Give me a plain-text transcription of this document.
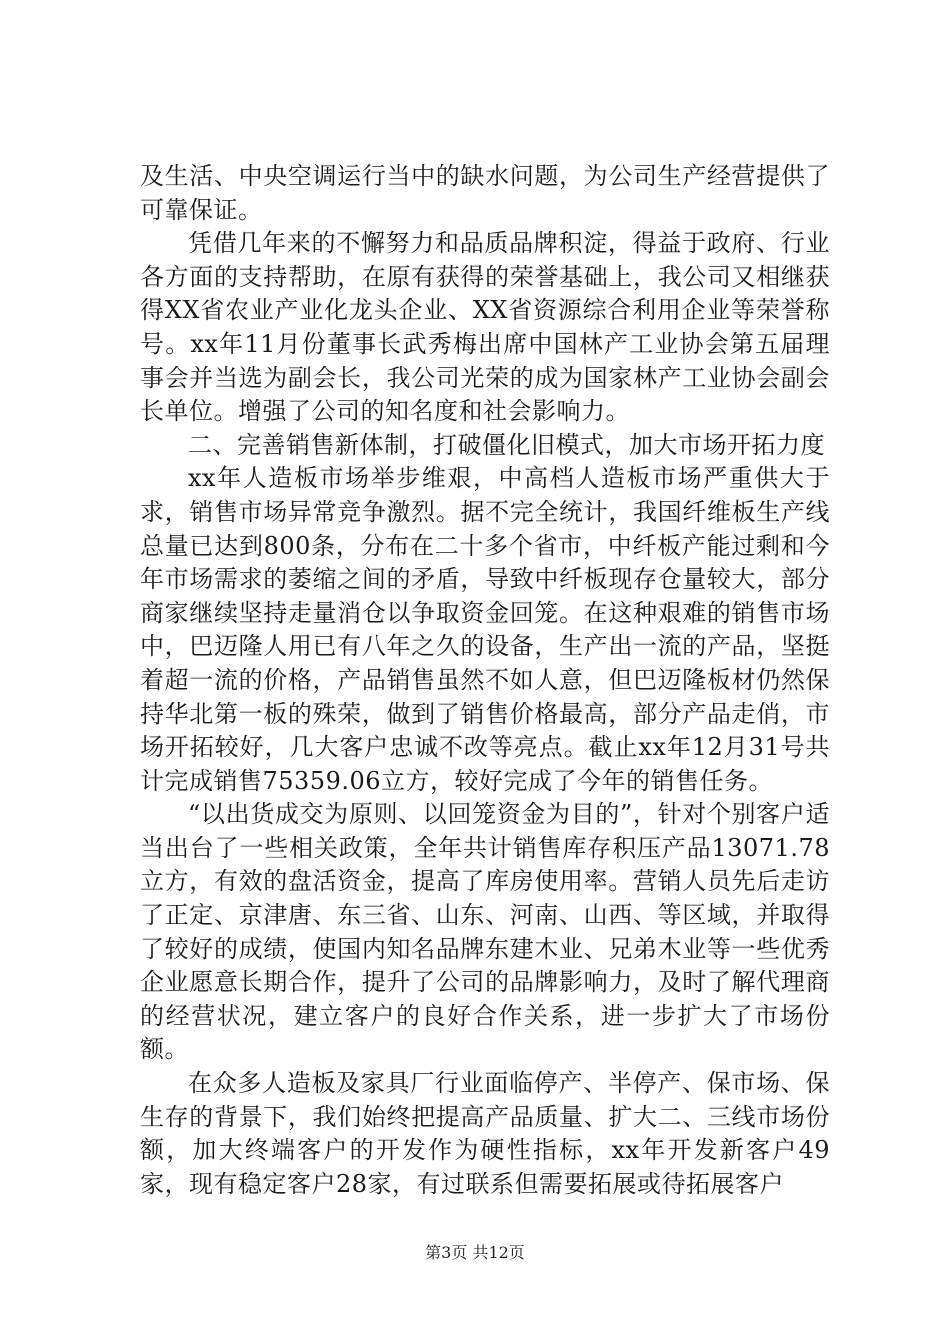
及生活、中央空调运行当中的缺水问题，为公司生产经营提供了可靠保证。

凭借几年来的不懈努力和品质品牌积淀，得益于政府、行业各方面的支持帮助，在原有获得的荣誉基础上，我公司又相继获得XX省农业产业化龙头企业、XX省资源综合利用企业等荣誉称号。xx年11月份董事长武秀梅出席中国林产工业协会第五届理事会并当选为副会长，我公司光荣的成为国家林产工业协会副会长单位。增强了公司的知名度和社会影响力。

二、完善销售新体制，打破僵化旧模式，加大市场开拓力度

xx年人造板市场举步维艰，中高档人造板市场严重供大于求，销售市场异常竞争激烈。据不完全统计，我国纤维板生产线总量已达到800条，分布在二十多个省市，中纤板产能过剩和今年市场需求的萎缩之间的矛盾，导致中纤板现存仓量较大，部分商家继续坚持走量消仓以争取资金回笼。在这种艰难的销售市场中，巴迈隆人用已有八年之久的设备，生产出一流的产品，坚挺着超一流的价格，产品销售虽然不如人意，但巴迈隆板材仍然保持华北第一板的殊荣，做到了销售价格最高，部分产品走俏，市场开拓较好，几大客户忠诚不改等亮点。截止xx年12月31号共计完成销售75359.06立方，较好完成了今年的销售任务。

“以出货成交为原则、以回笼资金为目的”，针对个别客户适当出台了一些相关政策，全年共计销售库存积压产品13071.78立方，有效的盘活资金，提高了库房使用率。营销人员先后走访了正定、京津唐、东三省、山东、河南、山西、等区域，并取得了较好的成绩，使国内知名品牌东建木业、兄弟木业等一些优秀企业愿意长期合作，提升了公司的品牌影响力，及时了解代理商的经营状况，建立客户的良好合作关系，进一步扩大了市场份额。

在众多人造板及家具厂行业面临停产、半停产、保市场、保生存的背景下，我们始终把提高产品质量、扩大二、三线市场份额，加大终端客户的开发作为硬性指标，xx年开发新客户49家，现有稳定客户28家，有过联系但需要拓展或待拓展客户

第3页 共12页
